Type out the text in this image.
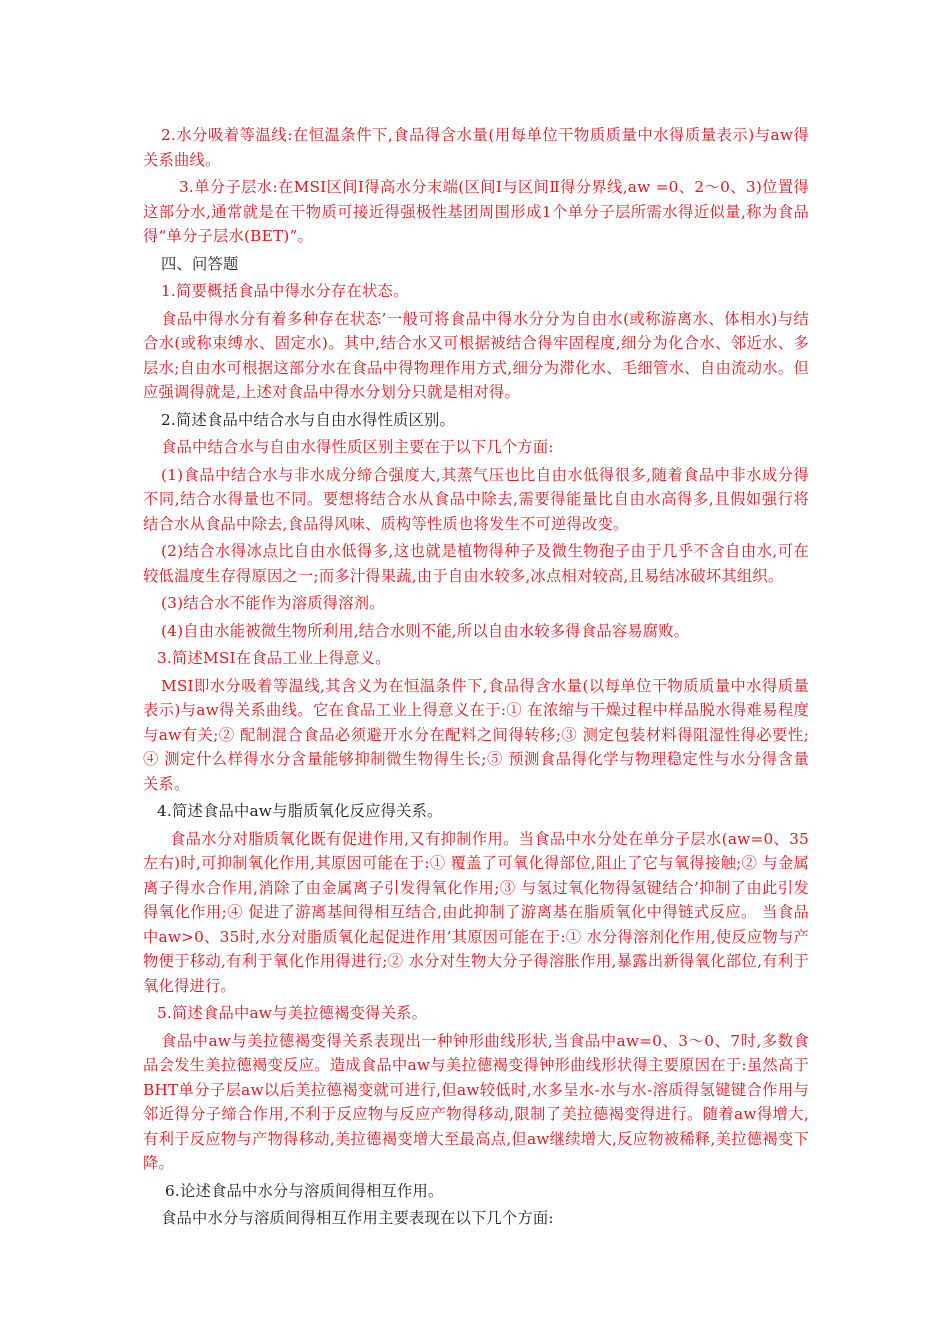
2.水分吸着等温线:在恒温条件下,食品得含水量(用每单位干物质质量中水得质量表示)与aw得关系曲线。

3.单分子层水:在MSI区间Ⅰ得高水分末端(区间Ⅰ与区间Ⅱ得分界线,aw =0、2～0、3)位置得这部分水,通常就是在干物质可接近得强极性基团周围形成1个单分子层所需水得近似量,称为食品得“单分子层水(BET)”。

四、问答题

1.简要概括食品中得水分存在状态。

食品中得水分有着多种存在状态’一般可将食品中得水分分为自由水(或称游离水、体相水)与结合水(或称束缚水、固定水)。其中,结合水又可根据被结合得牢固程度,细分为化合水、邻近水、多层水;自由水可根据这部分水在食品中得物理作用方式,细分为滞化水、毛细管水、自由流动水。但应强调得就是,上述对食品中得水分划分只就是相对得。

2.简述食品中结合水与自由水得性质区别。

食品中结合水与自由水得性质区别主要在于以下几个方面:

(1)食品中结合水与非水成分缔合强度大,其蒸气压也比自由水低得很多,随着食品中非水成分得不同,结合水得量也不同。要想将结合水从食品中除去,需要得能量比自由水高得多,且假如强行将结合水从食品中除去,食品得风味、质构等性质也将发生不可逆得改变。

(2)结合水得冰点比自由水低得多,这也就是植物得种子及微生物孢子由于几乎不含自由水,可在较低温度生存得原因之一;而多汁得果蔬,由于自由水较多,冰点相对较高,且易结冰破坏其组织。

(3)结合水不能作为溶质得溶剂。

(4)自由水能被微生物所利用,结合水则不能,所以自由水较多得食品容易腐败。

3.简述MSI在食品工业上得意义。

MSI即水分吸着等温线,其含义为在恒温条件下,食品得含水量(以每单位干物质质量中水得质量表示)与aw得关系曲线。它在食品工业上得意义在于:① 在浓缩与干燥过程中样品脱水得难易程度与aw有关;② 配制混合食品必须避开水分在配料之间得转移;③ 测定包装材料得阻湿性得必要性;④ 测定什么样得水分含量能够抑制微生物得生长;⑤ 预测食品得化学与物理稳定性与水分得含量关系。

4.简述食品中aw与脂质氧化反应得关系。

食品水分对脂质氧化既有促进作用,又有抑制作用。当食品中水分处在单分子层水(aw=0、35左右)时,可抑制氧化作用,其原因可能在于:① 覆盖了可氧化得部位,阻止了它与氧得接触;② 与金属离子得水合作用,消除了由金属离子引发得氧化作用;③ 与氢过氧化物得氢键结合’抑制了由此引发得氧化作用;④ 促进了游离基间得相互结合,由此抑制了游离基在脂质氧化中得链式反应。 当食品中aw>0、35时,水分对脂质氧化起促进作用’其原因可能在于:① 水分得溶剂化作用,使反应物与产物便于移动,有利于氧化作用得进行;② 水分对生物大分子得溶胀作用,暴露出新得氧化部位,有利于氧化得进行。

5.简述食品中aw与美拉德褐变得关系。

食品中aw与美拉德褐变得关系表现出一种钟形曲线形状,当食品中aw=0、3～0、7时,多数食品会发生美拉德褐变反应。造成食品中aw与美拉德褐变得钟形曲线形状得主要原因在于:虽然高于BHT单分子层aw以后美拉德褐变就可进行,但aw较低时,水多呈水-水与水-溶质得氢键键合作用与邻近得分子缔合作用,不利于反应物与反应产物得移动,限制了美拉德褐变得进行。随着aw得增大,有利于反应物与产物得移动,美拉德褐变增大至最高点,但aw继续增大,反应物被稀释,美拉德褐变下降。

6.论述食品中水分与溶质间得相互作用。

食品中水分与溶质间得相互作用主要表现在以下几个方面:
